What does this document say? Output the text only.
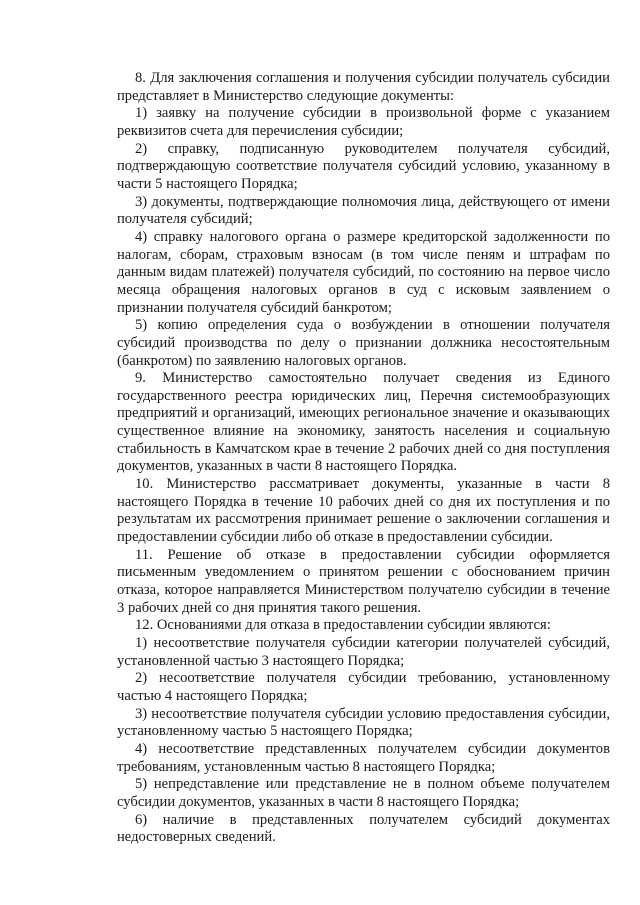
8. Для заключения соглашения и получения субсидии получатель субсидии представляет в Министерство следующие документы:

1) заявку на получение субсидии в произвольной форме с указанием реквизитов счета для перечисления субсидии;

2) справку, подписанную руководителем получателя субсидий, подтверждающую соответствие получателя субсидий условию, указанному в части 5 настоящего Порядка;

3) документы, подтверждающие полномочия лица, действующего от имени получателя субсидий;

4) справку налогового органа о размере кредиторской задолженности по налогам, сборам, страховым взносам (в том числе пеням и штрафам по данным видам платежей) получателя субсидий, по состоянию на первое число месяца обращения налоговых органов в суд с исковым заявлением о признании получателя субсидий банкротом;

5) копию определения суда о возбуждении в отношении получателя субсидий производства по делу о признании должника несостоятельным (банкротом) по заявлению налоговых органов.

9. Министерство самостоятельно получает сведения из Единого государственного реестра юридических лиц, Перечня системообразующих предприятий и организаций, имеющих региональное значение и оказывающих существенное влияние на экономику, занятость населения и социальную стабильность в Камчатском крае в течение 2 рабочих дней со дня поступления документов, указанных в части 8 настоящего Порядка.

10. Министерство рассматривает документы, указанные в части 8 настоящего Порядка в течение 10 рабочих дней со дня их поступления и по результатам их рассмотрения принимает решение о заключении соглашения и предоставлении субсидии либо об отказе в предоставлении субсидии.

11. Решение об отказе в предоставлении субсидии оформляется письменным уведомлением о принятом решении с обоснованием причин отказа, которое направляется Министерством получателю субсидии в течение 3 рабочих дней со дня принятия такого решения.

12. Основаниями для отказа в предоставлении субсидии являются:

1) несоответствие получателя субсидии категории получателей субсидий, установленной частью 3 настоящего Порядка;

2) несоответствие получателя субсидии требованию, установленному частью 4 настоящего Порядка;

3) несоответствие получателя субсидии условию предоставления субсидии, установленному частью 5 настоящего Порядка;

4) несоответствие представленных получателем субсидии документов требованиям, установленным частью 8 настоящего Порядка;

5) непредставление или представление не в полном объеме получателем субсидии документов, указанных в части 8 настоящего Порядка;

6) наличие в представленных получателем субсидий документах недостоверных сведений.
